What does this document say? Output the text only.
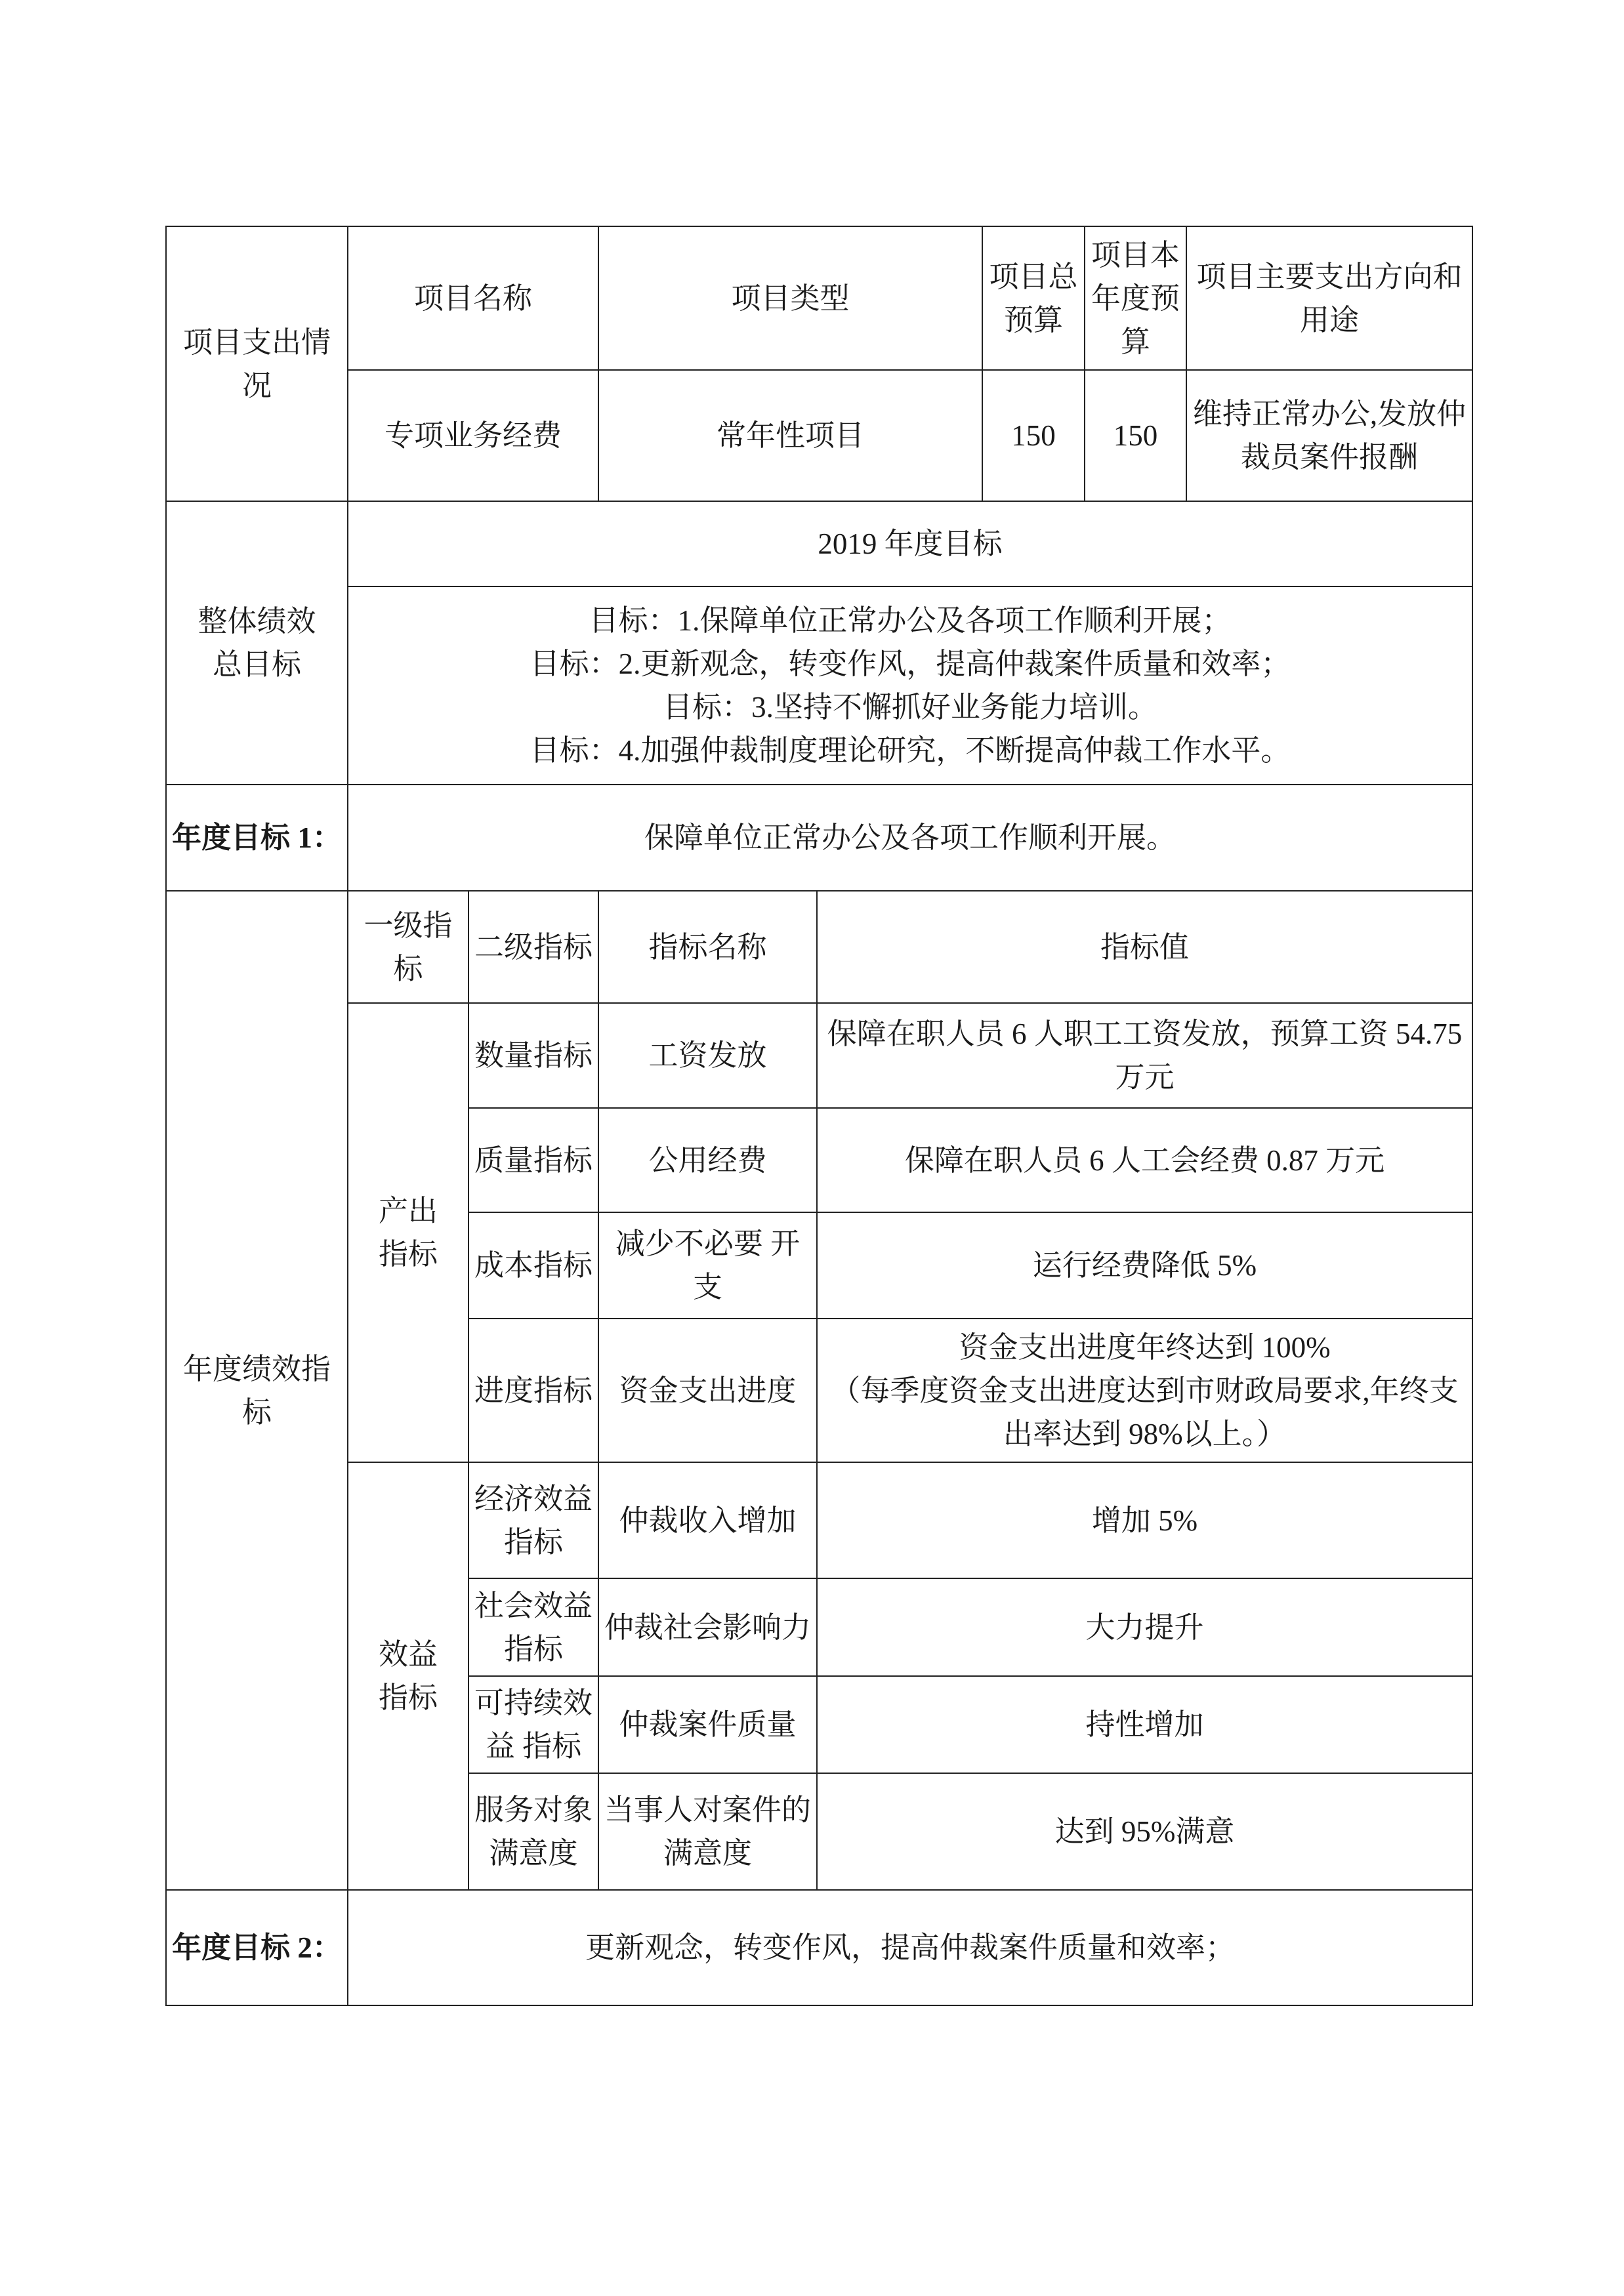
项目支出情况	项目名称		项目类型		项目总预算	项目本年度预算	项目主要支出方向和用途
	专项业务经费		常年性项目		150	150	维持正常办公,发放仲裁员案件报酬
整体绩效总目标	2019 年度目标						

	目标：1.保障单位正常办公及各项工作顺利开展；
目标：2.更新观念，转变作风，提高仲裁案件质量和效率；
目标：3.坚持不懈抓好业务能力培训。
目标：4.加强仲裁制度理论研究，不断提高仲裁工作水平。						

年度目标 1：	保障单位正常办公及各项工作顺利开展。						
年度绩效指标	一级指标	二级指标	指标名称	指标值			
	产出指标	数量指标	工资发放	保障在职人员 6 人职工工资发放，预算工资 54.75 万元			
		质量指标	公用经费	保障在职人员 6 人工会经费 0.87 万元			
		成本指标	减少不必要 开支	运行经费降低 5%			
		进度指标	资金支出进度	资金支出进度年终达到 100%
（每季度资金支出进度达到市财政局要求,年终支出率达到 98%以上。）			

	效益指标	经济效益指标	仲裁收入增加	增加 5%			
		社会效益指标	仲裁社会影响力	大力提升			
		可持续效益 指标	仲裁案件质量	持性增加			
		服务对象满意度	当事人对案件的满意度	达到 95%满意			
年度目标 2：	更新观念，转变作风，提高仲裁案件质量和效率；						
